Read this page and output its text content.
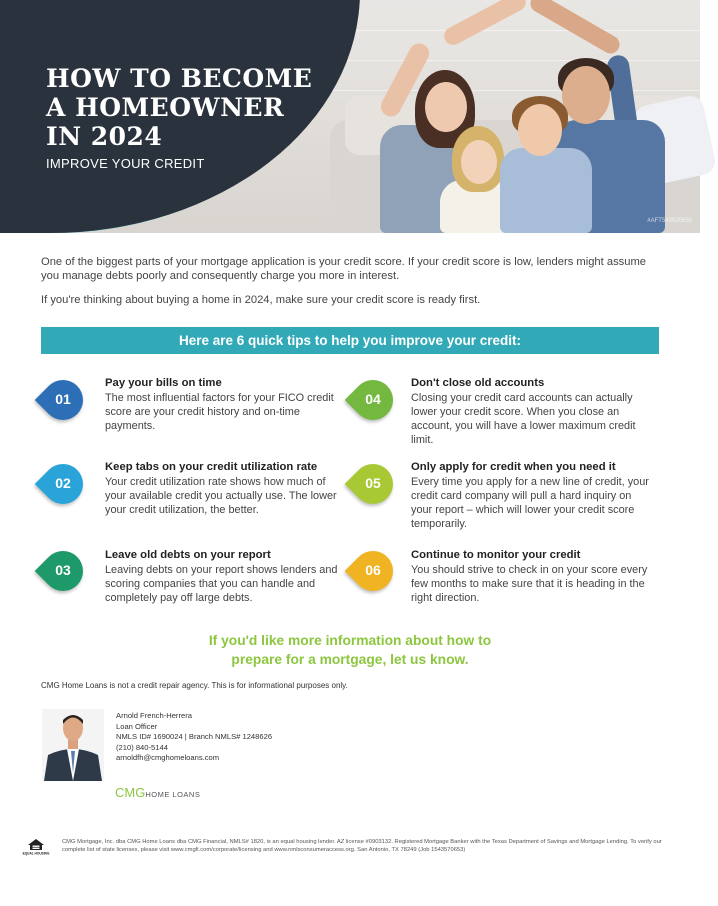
HOW TO BECOME A HOMEOWNER IN 2024
IMPROVE YOUR CREDIT
#AFT543520655

One of the biggest parts of your mortgage application is your credit score. If your credit score is low, lenders might assume you manage debts poorly and consequently charge you more in interest.

If you're thinking about buying a home in 2024, make sure your credit score is ready first.

Here are 6 quick tips to help you improve your credit:
01
Pay your bills on time
The most influential factors for your FICO credit score are your credit history and on-time payments.
02
Keep tabs on your credit utilization rate
Your credit utilization rate shows how much of your available credit you actually use. The lower your credit utilization, the better.
03
Leave old debts on your report
Leaving debts on your report shows lenders and scoring companies that you can handle and completely pay off large debts.
04
Don't close old accounts
Closing your credit card accounts can actually lower your credit score. When you close an account, you will have a lower maximum credit limit.
05
Only apply for credit when you need it
Every time you apply for a new line of credit, your credit card company will pull a hard inquiry on your report – which will lower your credit score temporarily.
06
Continue to monitor your credit
You should strive to check in on your score every few months to make sure that it is heading in the right direction.
If you'd like more information about how to
prepare for a mortgage, let us know.
CMG Home Loans is not a credit repair agency. This is for informational purposes only.
Arnold French-Herrera
Loan Officer
NMLS ID# 1690024 | Branch NMLS# 1248626
(210) 840-5144
arnoldfh@cmghomeloans.com
CMGHOME LOANS
EQUAL HOUSING
CMG Mortgage, Inc. dba CMG Home Loans dba CMG Financial, NMLS# 1820, is an equal housing lender. AZ license #0903132. Registered Mortgage Banker with the Texas Department of Savings and Mortgage Lending. To verify our complete list of state licenses, please visit www.cmgfi.com/corporate/licensing and www.nmlsconsumeraccess.org. San Antonio, TX 78249 (Job 1543570653)
